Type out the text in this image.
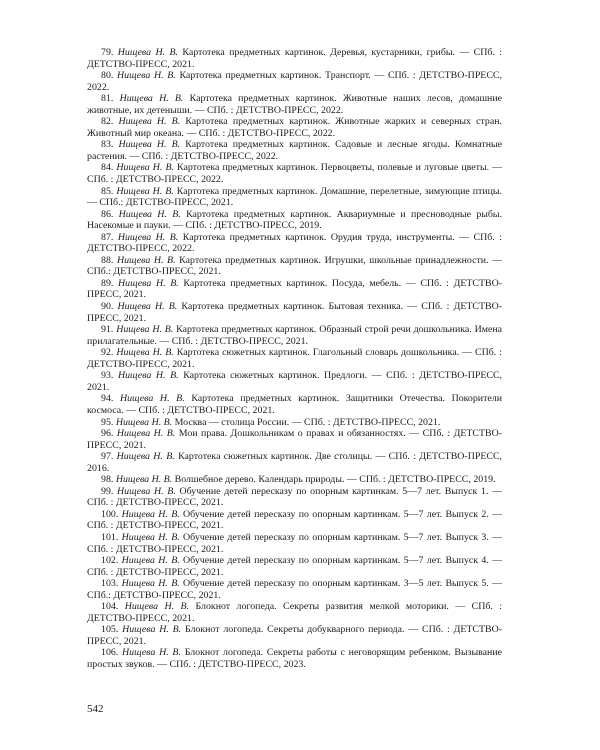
79. Нищева Н. В. Картотека предметных картинок. Деревья, кустарники, грибы. — СПб. : ДЕТСТВО-ПРЕСС, 2021.
80. Нищева Н. В. Картотека предметных картинок. Транспорт. — СПб. : ДЕТСТВО-ПРЕСС, 2022.
81. Нищева Н. В. Картотека предметных картинок. Животные наших лесов, домашние животные, их детеныши. — СПб. : ДЕТСТВО-ПРЕСС, 2022.
82. Нищева Н. В. Картотека предметных картинок. Животные жарких и северных стран. Животный мир океана. — СПб. : ДЕТСТВО-ПРЕСС, 2022.
83. Нищева Н. В. Картотека предметных картинок. Садовые и лесные ягоды. Комнатные растения. — СПб. : ДЕТСТВО-ПРЕСС, 2022.
84. Нищева Н. В. Картотека предметных картинок. Первоцветы, полевые и луговые цветы. — СПб. : ДЕТСТВО-ПРЕСС, 2022.
85. Нищева Н. В. Картотека предметных картинок. Домашние, перелетные, зимующие птицы. — СПб.: ДЕТСТВО-ПРЕСС, 2021.
86. Нищева Н. В. Картотека предметных картинок. Аквариумные и пресноводные рыбы. Насекомые и пауки. — СПб. : ДЕТСТВО-ПРЕСС, 2019.
87. Нищева Н. В. Картотека предметных картинок. Орудия труда, инструменты. — СПб. : ДЕТСТВО-ПРЕСС, 2022.
88. Нищева Н. В. Картотека предметных картинок. Игрушки, школьные принадлежности. — СПб.: ДЕТСТВО-ПРЕСС, 2021.
89. Нищева Н. В. Картотека предметных картинок. Посуда, мебель. — СПб. : ДЕТСТВО-ПРЕСС, 2021.
90. Нищева Н. В. Картотека предметных картинок. Бытовая техника. — СПб. : ДЕТСТВО-ПРЕСС, 2021.
91. Нищева Н. В. Картотека предметных картинок. Образный строй речи дошкольника. Имена прилагательные. — СПб. : ДЕТСТВО-ПРЕСС, 2021.
92. Нищева Н. В. Картотека сюжетных картинок. Глагольный словарь дошкольника. — СПб. : ДЕТСТВО-ПРЕСС, 2021.
93. Нищева Н. В. Картотека сюжетных картинок. Предлоги. — СПб. : ДЕТСТВО-ПРЕСС, 2021.
94. Нищева Н. В. Картотека предметных картинок. Защитники Отечества. Покорители космоса. — СПб. : ДЕТСТВО-ПРЕСС, 2021.
95. Нищева Н. В. Москва — столица России. — СПб. : ДЕТСТВО-ПРЕСС, 2021.
96. Нищева Н. В. Мои права. Дошкольникам о правах и обязанностях. — СПб. : ДЕТСТВО-ПРЕСС, 2021.
97. Нищева Н. В. Картотека сюжетных картинок. Две столицы. — СПб. : ДЕТСТВО-ПРЕСС, 2016.
98. Нищева Н. В. Волшебное дерево. Календарь природы. — СПб. : ДЕТСТВО-ПРЕСС, 2019.
99. Нищева Н. В. Обучение детей пересказу по опорным картинкам. 5—7 лет. Выпуск 1. — СПб. : ДЕТСТВО-ПРЕСС, 2021.
100. Нищева Н. В. Обучение детей пересказу по опорным картинкам. 5—7 лет. Выпуск 2. — СПб. : ДЕТСТВО-ПРЕСС, 2021.
101. Нищева Н. В. Обучение детей пересказу по опорным картинкам. 5—7 лет. Выпуск 3. — СПб. : ДЕТСТВО-ПРЕСС, 2021.
102. Нищева Н. В. Обучение детей пересказу по опорным картинкам. 5—7 лет. Выпуск 4. — СПб. : ДЕТСТВО-ПРЕСС, 2021.
103. Нищева Н. В. Обучение детей пересказу по опорным картинкам. 3—5 лет. Выпуск 5. — СПб.: ДЕТСТВО-ПРЕСС, 2021.
104. Нищева Н. В. Блокнот логопеда. Секреты развития мелкой моторики. — СПб. : ДЕТСТВО-ПРЕСС, 2021.
105. Нищева Н. В. Блокнот логопеда. Секреты добукварного периода. — СПб. : ДЕТСТВО-ПРЕСС, 2021.
106. Нищева Н. В. Блокнот логопеда. Секреты работы с неговорящим ребенком. Вызывание простых звуков. — СПб. : ДЕТСТВО-ПРЕСС, 2023.
542
